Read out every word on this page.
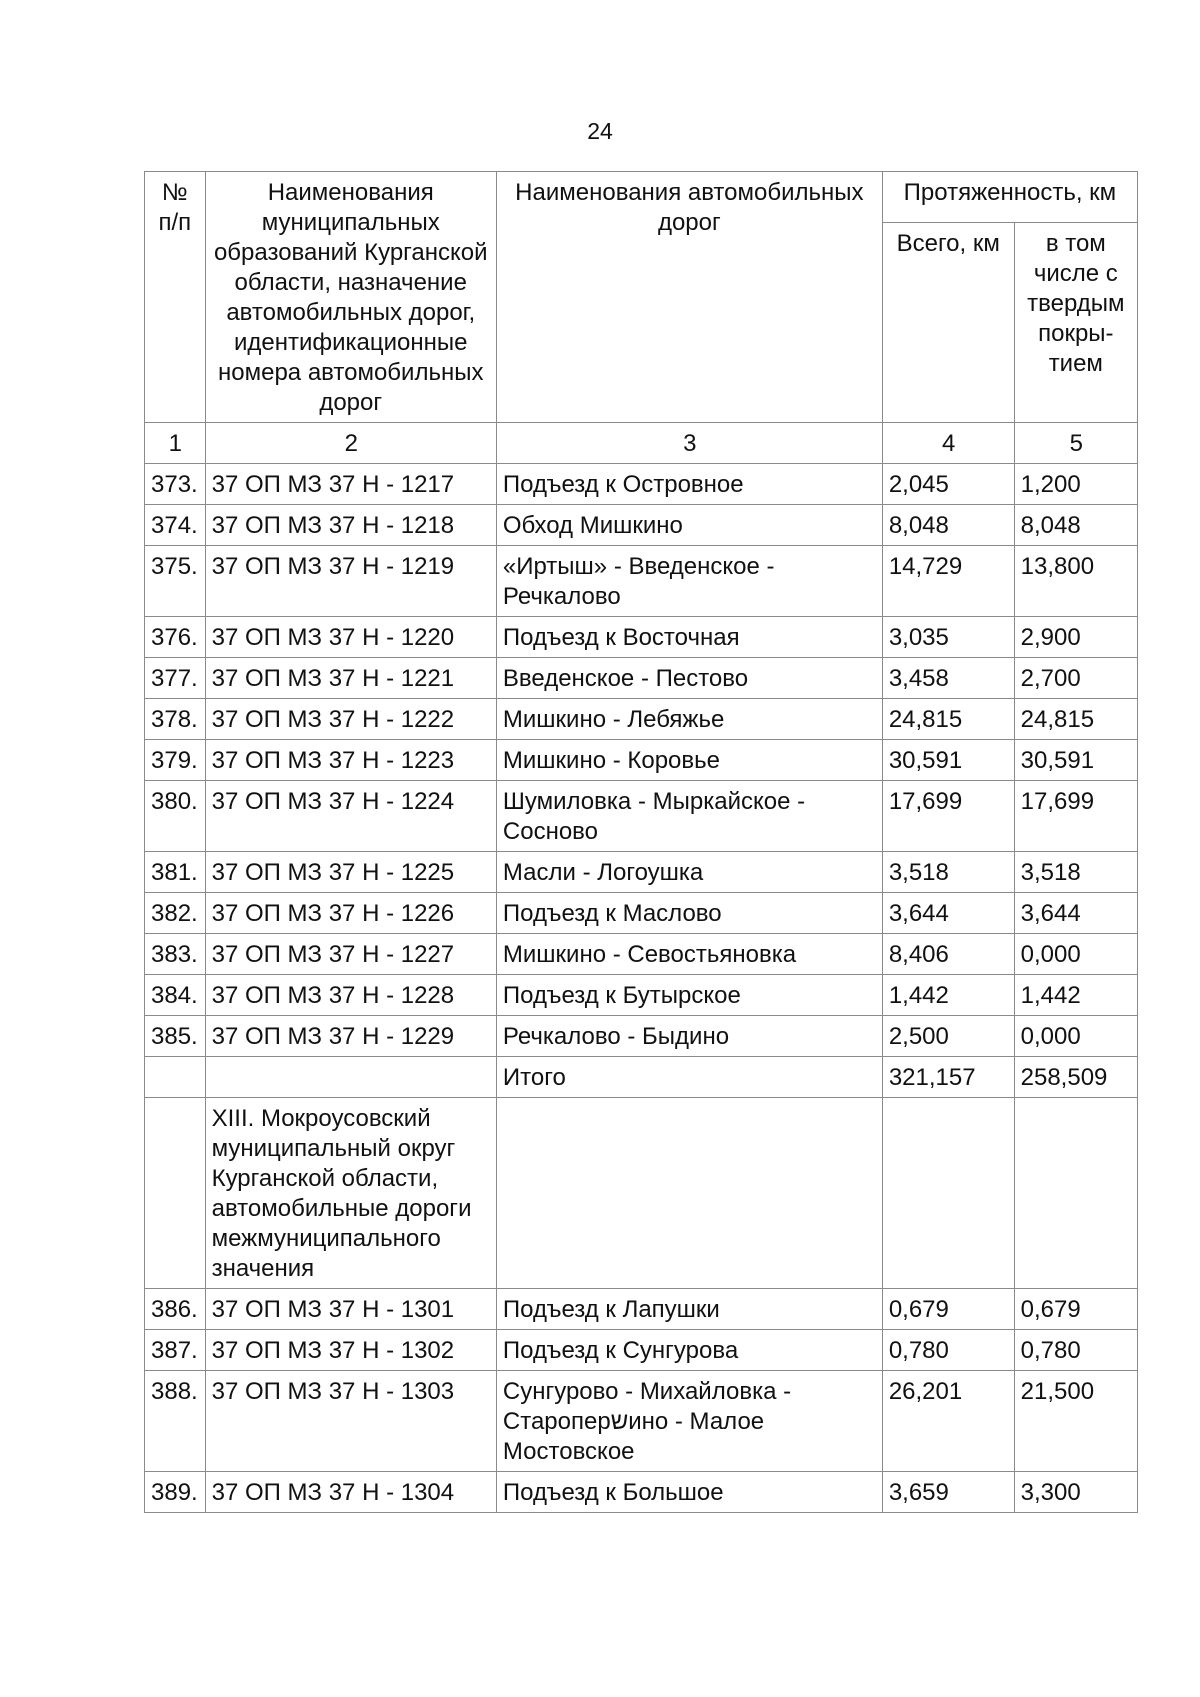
24
№ п/п	Наименования муниципальных образований Курганской области, назначение автомобильных дорог, идентификационные номера автомобильных дорог	Наименования автомобильных дорог	Протяженность, км	
			Всего, км	в том числе с твердым покры-тием
1	2	3	4	5
373.	37 ОП МЗ 37 Н - 1217	Подъезд к Островное	2,045	1,200
374.	37 ОП МЗ 37 Н - 1218	Обход Мишкино	8,048	8,048
375.	37 ОП МЗ 37 Н - 1219	«Иртыш» - Введенское - Речкалово	14,729	13,800
376.	37 ОП МЗ 37 Н - 1220	Подъезд к Восточная	3,035	2,900
377.	37 ОП МЗ 37 Н - 1221	Введенское - Пестово	3,458	2,700
378.	37 ОП МЗ 37 Н - 1222	Мишкино - Лебяжье	24,815	24,815
379.	37 ОП МЗ 37 Н - 1223	Мишкино - Коровье	30,591	30,591
380.	37 ОП МЗ 37 Н - 1224	Шумиловка - Мыркайское - Сосново	17,699	17,699
381.	37 ОП МЗ 37 Н - 1225	Масли - Логоушка	3,518	3,518
382.	37 ОП МЗ 37 Н - 1226	Подъезд к Маслово	3,644	3,644
383.	37 ОП МЗ 37 Н - 1227	Мишкино - Севостьяновка	8,406	0,000
384.	37 ОП МЗ 37 Н - 1228	Подъезд к Бутырское	1,442	1,442
385.	37 ОП МЗ 37 Н - 1229	Речкалово - Быдино	2,500	0,000
		Итого	321,157	258,509
	XIII. Мокроусовский муниципальный округ Курганской области, автомобильные дороги межмуниципального значения			
386.	37 ОП МЗ 37 Н - 1301	Подъезд к Лапушки	0,679	0,679
387.	37 ОП МЗ 37 Н - 1302	Подъезд к Сунгурова	0,780	0,780
388.	37 ОП МЗ 37 Н - 1303	Сунгурово - Михайловка - Староперשино - Малое Мостовское	26,201	21,500
389.	37 ОП МЗ 37 Н - 1304	Подъезд к Большое	3,659	3,300
